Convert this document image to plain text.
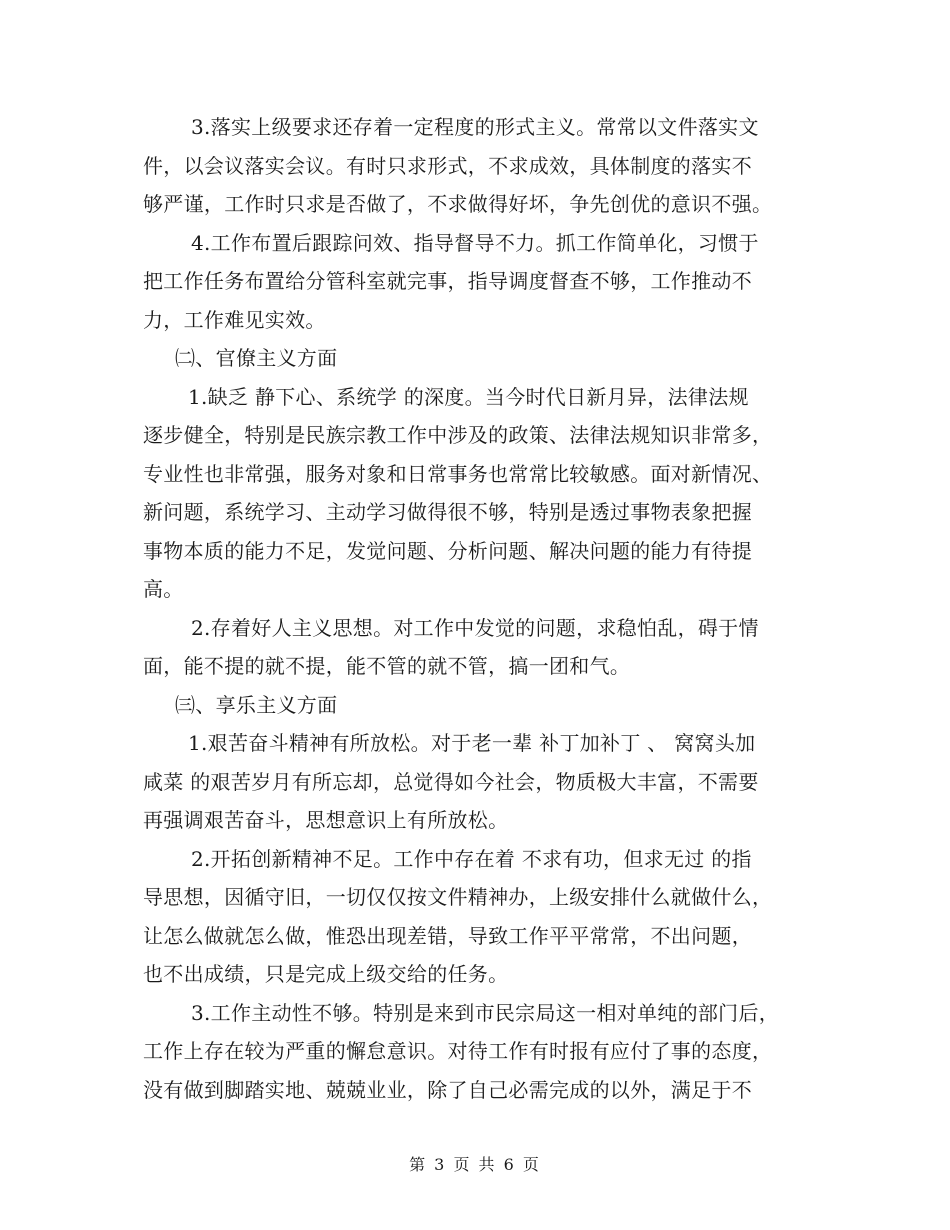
3.落实上级要求还存着一定程度的形式主义。常常以文件落实文
件，以会议落实会议。有时只求形式，不求成效，具体制度的落实不
够严谨，工作时只求是否做了，不求做得好坏，争先创优的意识不强。
4.工作布置后跟踪问效、指导督导不力。抓工作简单化，习惯于
把工作任务布置给分管科室就完事，指导调度督查不够，工作推动不
力，工作难见实效。
㈡、官僚主义方面
1.缺乏 静下心、系统学 的深度。当今时代日新月异，法律法规
逐步健全，特别是民族宗教工作中涉及的政策、法律法规知识非常多，
专业性也非常强，服务对象和日常事务也常常比较敏感。面对新情况、
新问题，系统学习、主动学习做得很不够，特别是透过事物表象把握
事物本质的能力不足，发觉问题、分析问题、解决问题的能力有待提
高。
2.存着好人主义思想。对工作中发觉的问题，求稳怕乱，碍于情
面，能不提的就不提，能不管的就不管，搞一团和气。
㈢、享乐主义方面
1.艰苦奋斗精神有所放松。对于老一辈 补丁加补丁 、 窝窝头加
咸菜 的艰苦岁月有所忘却，总觉得如今社会，物质极大丰富，不需要
再强调艰苦奋斗，思想意识上有所放松。
2.开拓创新精神不足。工作中存在着 不求有功，但求无过 的指
导思想，因循守旧，一切仅仅按文件精神办，上级安排什么就做什么，
让怎么做就怎么做，惟恐出现差错，导致工作平平常常，不出问题，
也不出成绩，只是完成上级交给的任务。
3.工作主动性不够。特别是来到市民宗局这一相对单纯的部门后，
工作上存在较为严重的懈怠意识。对待工作有时报有应付了事的态度，
没有做到脚踏实地、兢兢业业，除了自己必需完成的以外，满足于不
第 3 页 共 6 页
